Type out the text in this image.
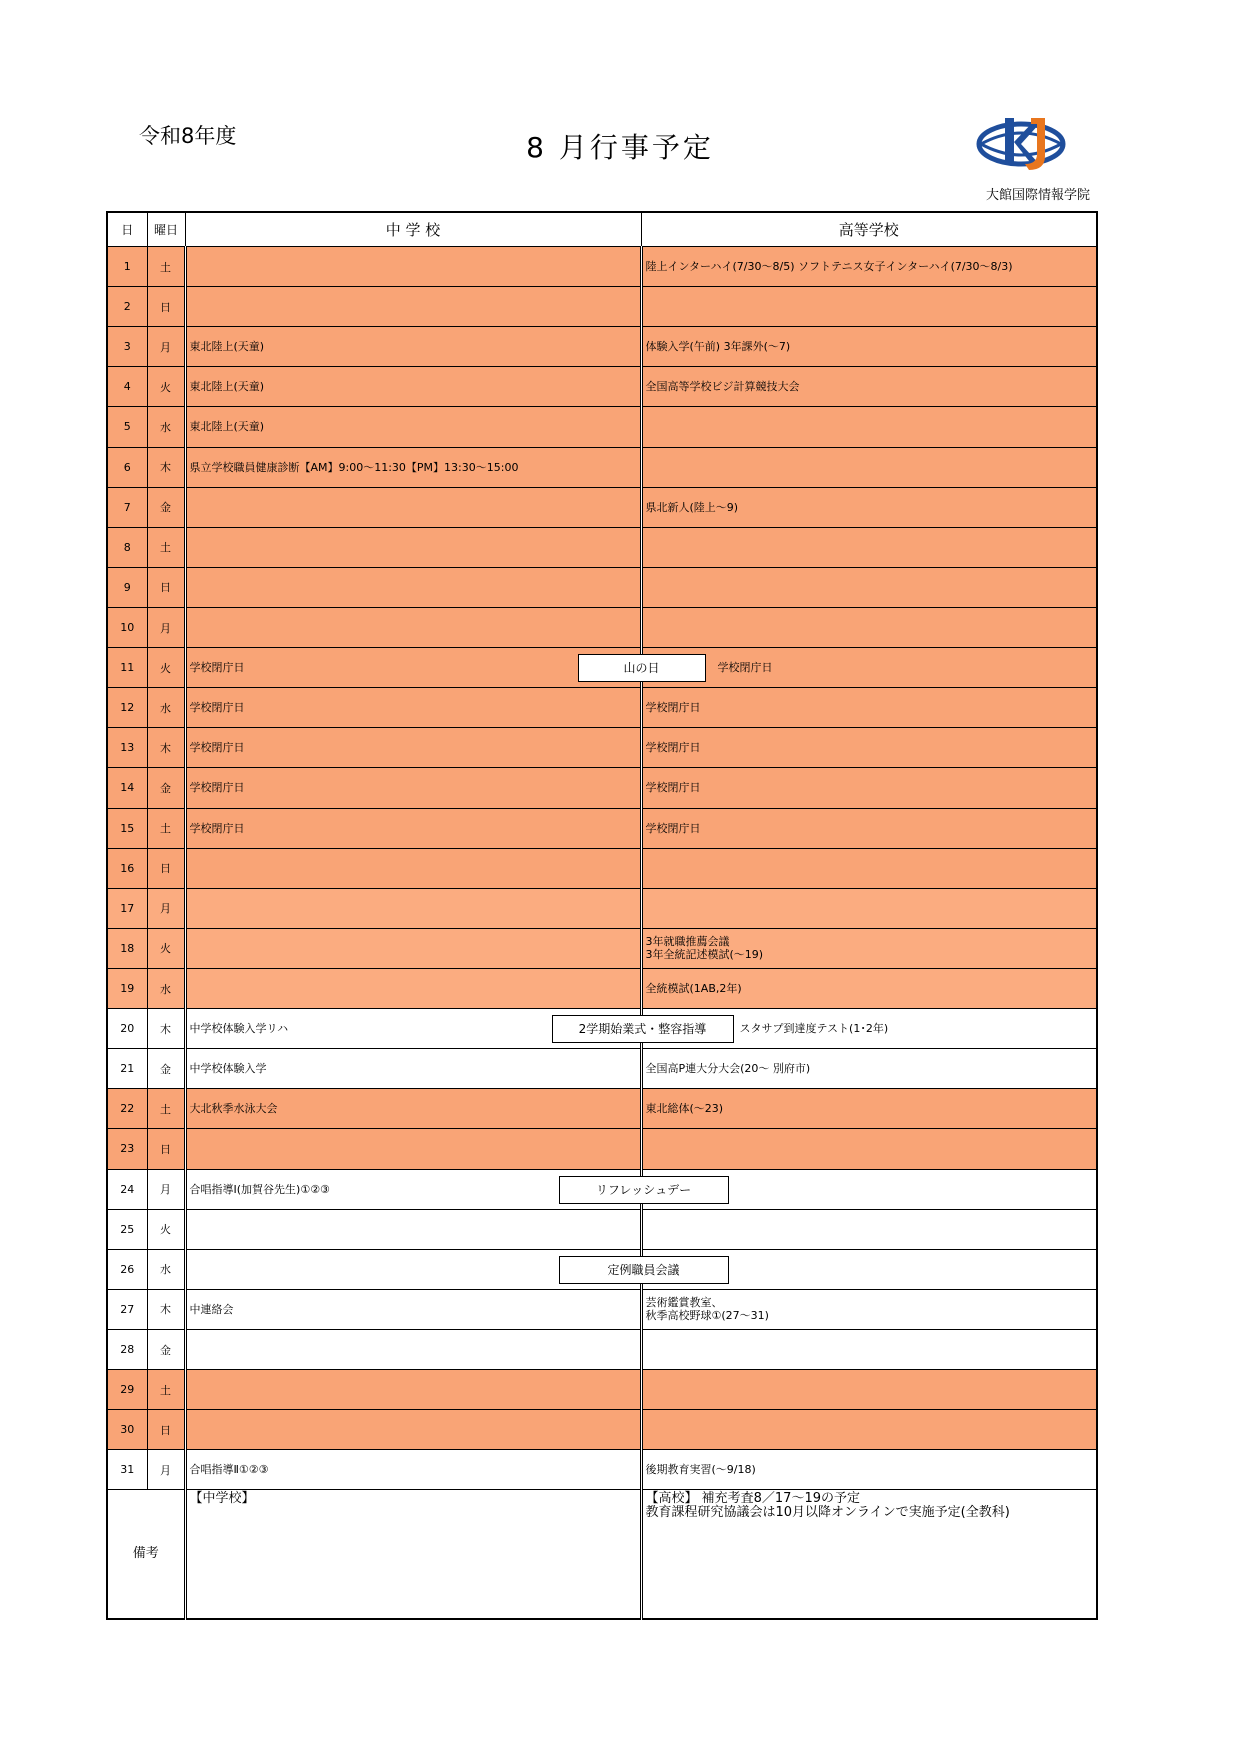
令和8年度	8 月行事予定
大館国際情報学院
日	曜日	中 学 校	高等学校
1	土		陸上インターハイ(7/30～8/5) ソフトテニス女子インターハイ(7/30～8/3)
2	日		
3	月	東北陸上(天童)	体験入学(午前) 3年課外(～7)
4	火	東北陸上(天童)	全国高等学校ビジ計算競技大会
5	水	東北陸上(天童)	
6	木	県立学校職員健康診断【AM】9:00～11:30【PM】13:30～15:00	
7	金		県北新人(陸上～9)
8	土		
9	日		
10	月		
11	火	学校閉庁日 山の日	学校閉庁日
12	水	学校閉庁日	学校閉庁日
13	木	学校閉庁日	学校閉庁日
14	金	学校閉庁日	学校閉庁日
15	土	学校閉庁日	学校閉庁日
16	日		
17	月		
18	火		3年就職推薦会議
3年全統記述模試(～19)
19	水		全統模試(1AB,2年)
20	木	中学校体験入学リハ 2学期始業式・整容指導	スタサプ到達度テスト(1･2年)
21	金	中学校体験入学	全国高P連大分大会(20～ 別府市)
22	土	大北秋季水泳大会	東北総体(～23)
23	日		
24	月	合唱指導Ⅰ(加賀谷先生)①②③ リフレッシュデー	

25	火		
26	水	定例職員会議	

27	木	中連絡会	芸術鑑賞教室、
秋季高校野球①(27～31)
28	金		
29	土		
30	日		
31	月	合唱指導Ⅱ①②③	後期教育実習(～9/18)
備考		【中学校】	【高校】 補充考査8／17～19の予定
教育課程研究協議会は10月以降オンラインで実施予定(全教科)
